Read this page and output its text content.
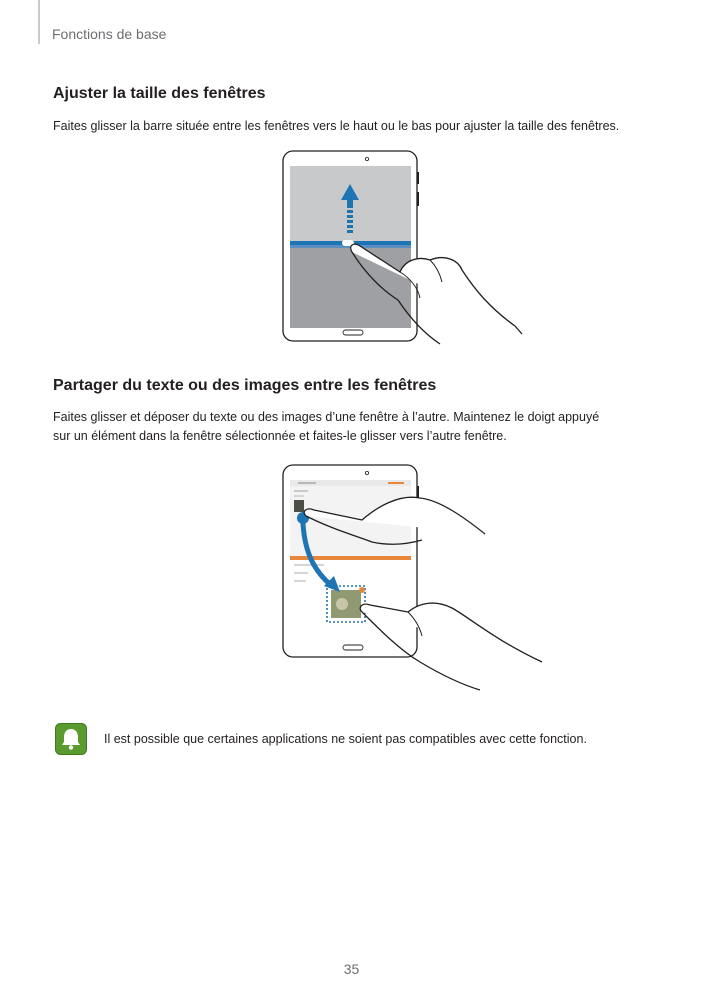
Fonctions de base
Ajuster la taille des fenêtres
Faites glisser la barre située entre les fenêtres vers le haut ou le bas pour ajuster la taille des fenêtres.
Partager du texte ou des images entre les fenêtres
Faites glisser et déposer du texte ou des images d’une fenêtre à l’autre. Maintenez le doigt appuyé
sur un élément dans la fenêtre sélectionnée et faites-le glisser vers l’autre fenêtre.
Il est possible que certaines applications ne soient pas compatibles avec cette fonction.
35
